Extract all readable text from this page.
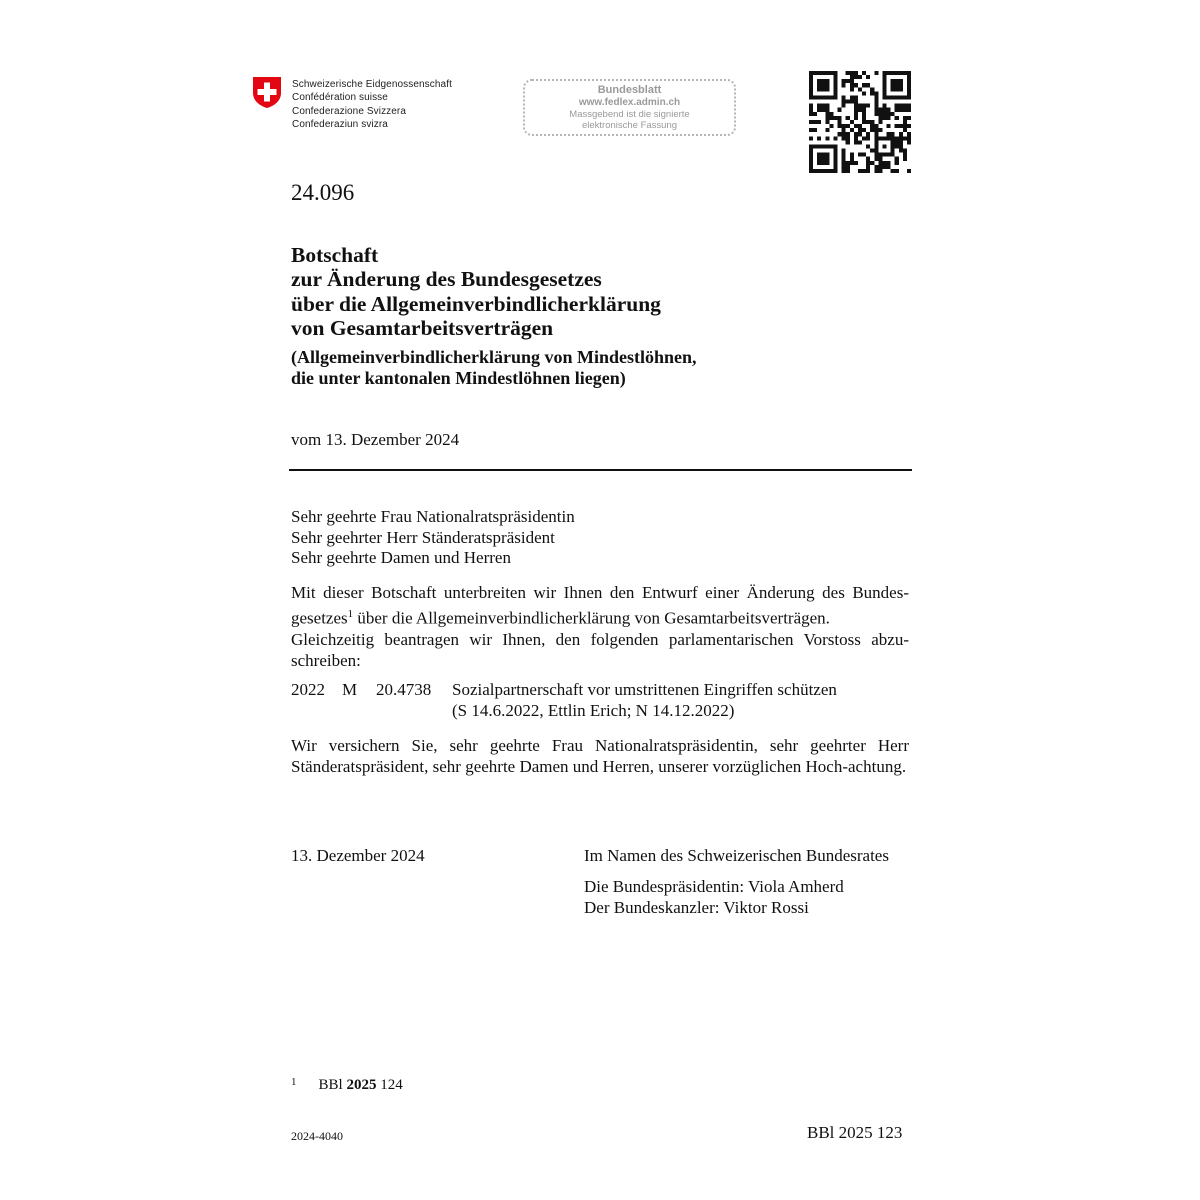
Schweizerische Eidgenossenschaft
Confédération suisse
Confederazione Svizzera
Confederaziun svizra
Bundesblatt
www.fedlex.admin.ch
Massgebend ist die signierte
elektronische Fassung
24.096
Botschaft
zur Änderung des Bundesgesetzes
über die Allgemeinverbindlicherklärung
von Gesamtarbeitsverträgen
(Allgemeinverbindlicherklärung von Mindestlöhnen,
die unter kantonalen Mindestlöhnen liegen)
vom 13. Dezember 2024
Sehr geehrte Frau Nationalratspräsidentin
Sehr geehrter Herr Ständeratspräsident
Sehr geehrte Damen und Herren
Mit dieser Botschaft unterbreiten wir Ihnen den Entwurf einer Änderung des Bundes-gesetzes$^1$ über die Allgemeinverbindlicherklärung von Gesamtarbeitsverträgen.
Gleichzeitig beantragen wir Ihnen, den folgenden parlamentarischen Vorstoss abzu-schreiben:
2022 M 20.4738 Sozialpartnerschaft vor umstrittenen Eingriffen schützen
(S 14.6.2022, Ettlin Erich; N 14.12.2022)
Wir versichern Sie, sehr geehrte Frau Nationalratspräsidentin, sehr geehrter Herr Ständeratspräsident, sehr geehrte Damen und Herren, unserer vorzüglichen Hoch-achtung.
13. Dezember 2024	Im Namen des Schweizerischen Bundesrates
Die Bundespräsidentin: Viola Amherd
Der Bundeskanzler: Viktor Rossi
$^1$ BBl 2025 124
2024-4040	BBl 2025 123
